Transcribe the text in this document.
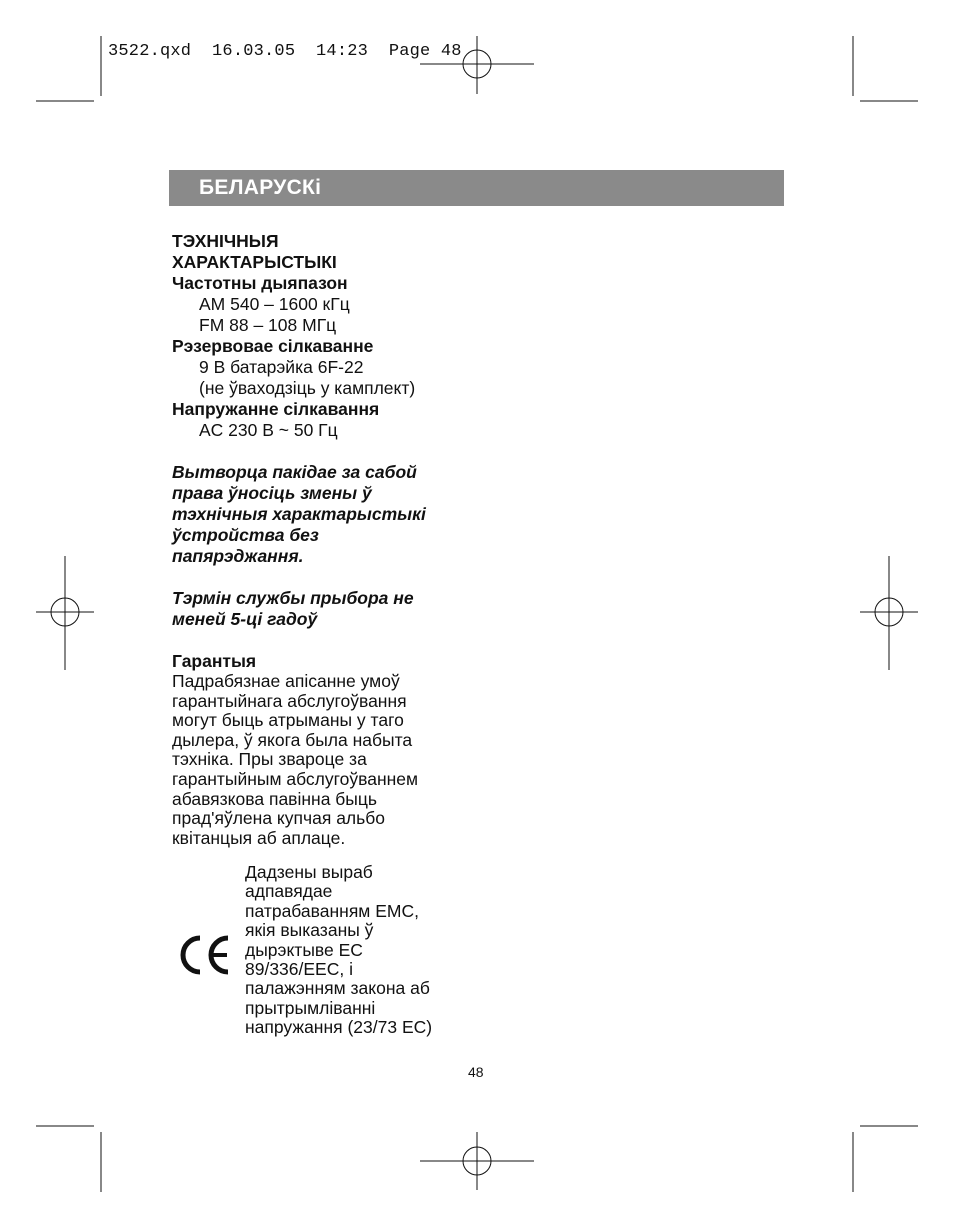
3522.qxd  16.03.05  14:23  Page 48
БЕЛАРУСКі
ТЭХНІЧНЫЯ
ХАРАКТАРЫСТЫКІ
Частотны дыяпазон
AM 540 – 1600 кГц
FM 88 – 108 МГц
Рэзервовае сілкаванне
9 В батарэйка 6F-22
(не ўваходзіць у камплект)
Напружанне сілкавання
AC 230 В ~ 50 Гц
Вытворца пакідае за сабой
права ўносіць змены ў
тэхнічныя характарыстыкі
ўстройства без
папярэджання.
Тэрмін службы прыбора не
меней 5-ці гадоў
Гарантыя
Падрабязнае апісанне умоў
гарантыйнага абслугоўвання
могут быць атрыманы у таго
дылера, ў якога была набыта
тэхніка. Пры звароце за
гарантыйным абслугоўваннем
абавязкова павінна быць
прад'яўлена купчая альбо
квітанцыя аб аплаце.
Дадзены выраб
адпавядае
патрабаванням EMC,
якія выказаны ў
дырэктыве ЕС
89/336/EEC, і
палажэнням закона аб
прытрымліванні
напружання (23/73 ЕС)
48
